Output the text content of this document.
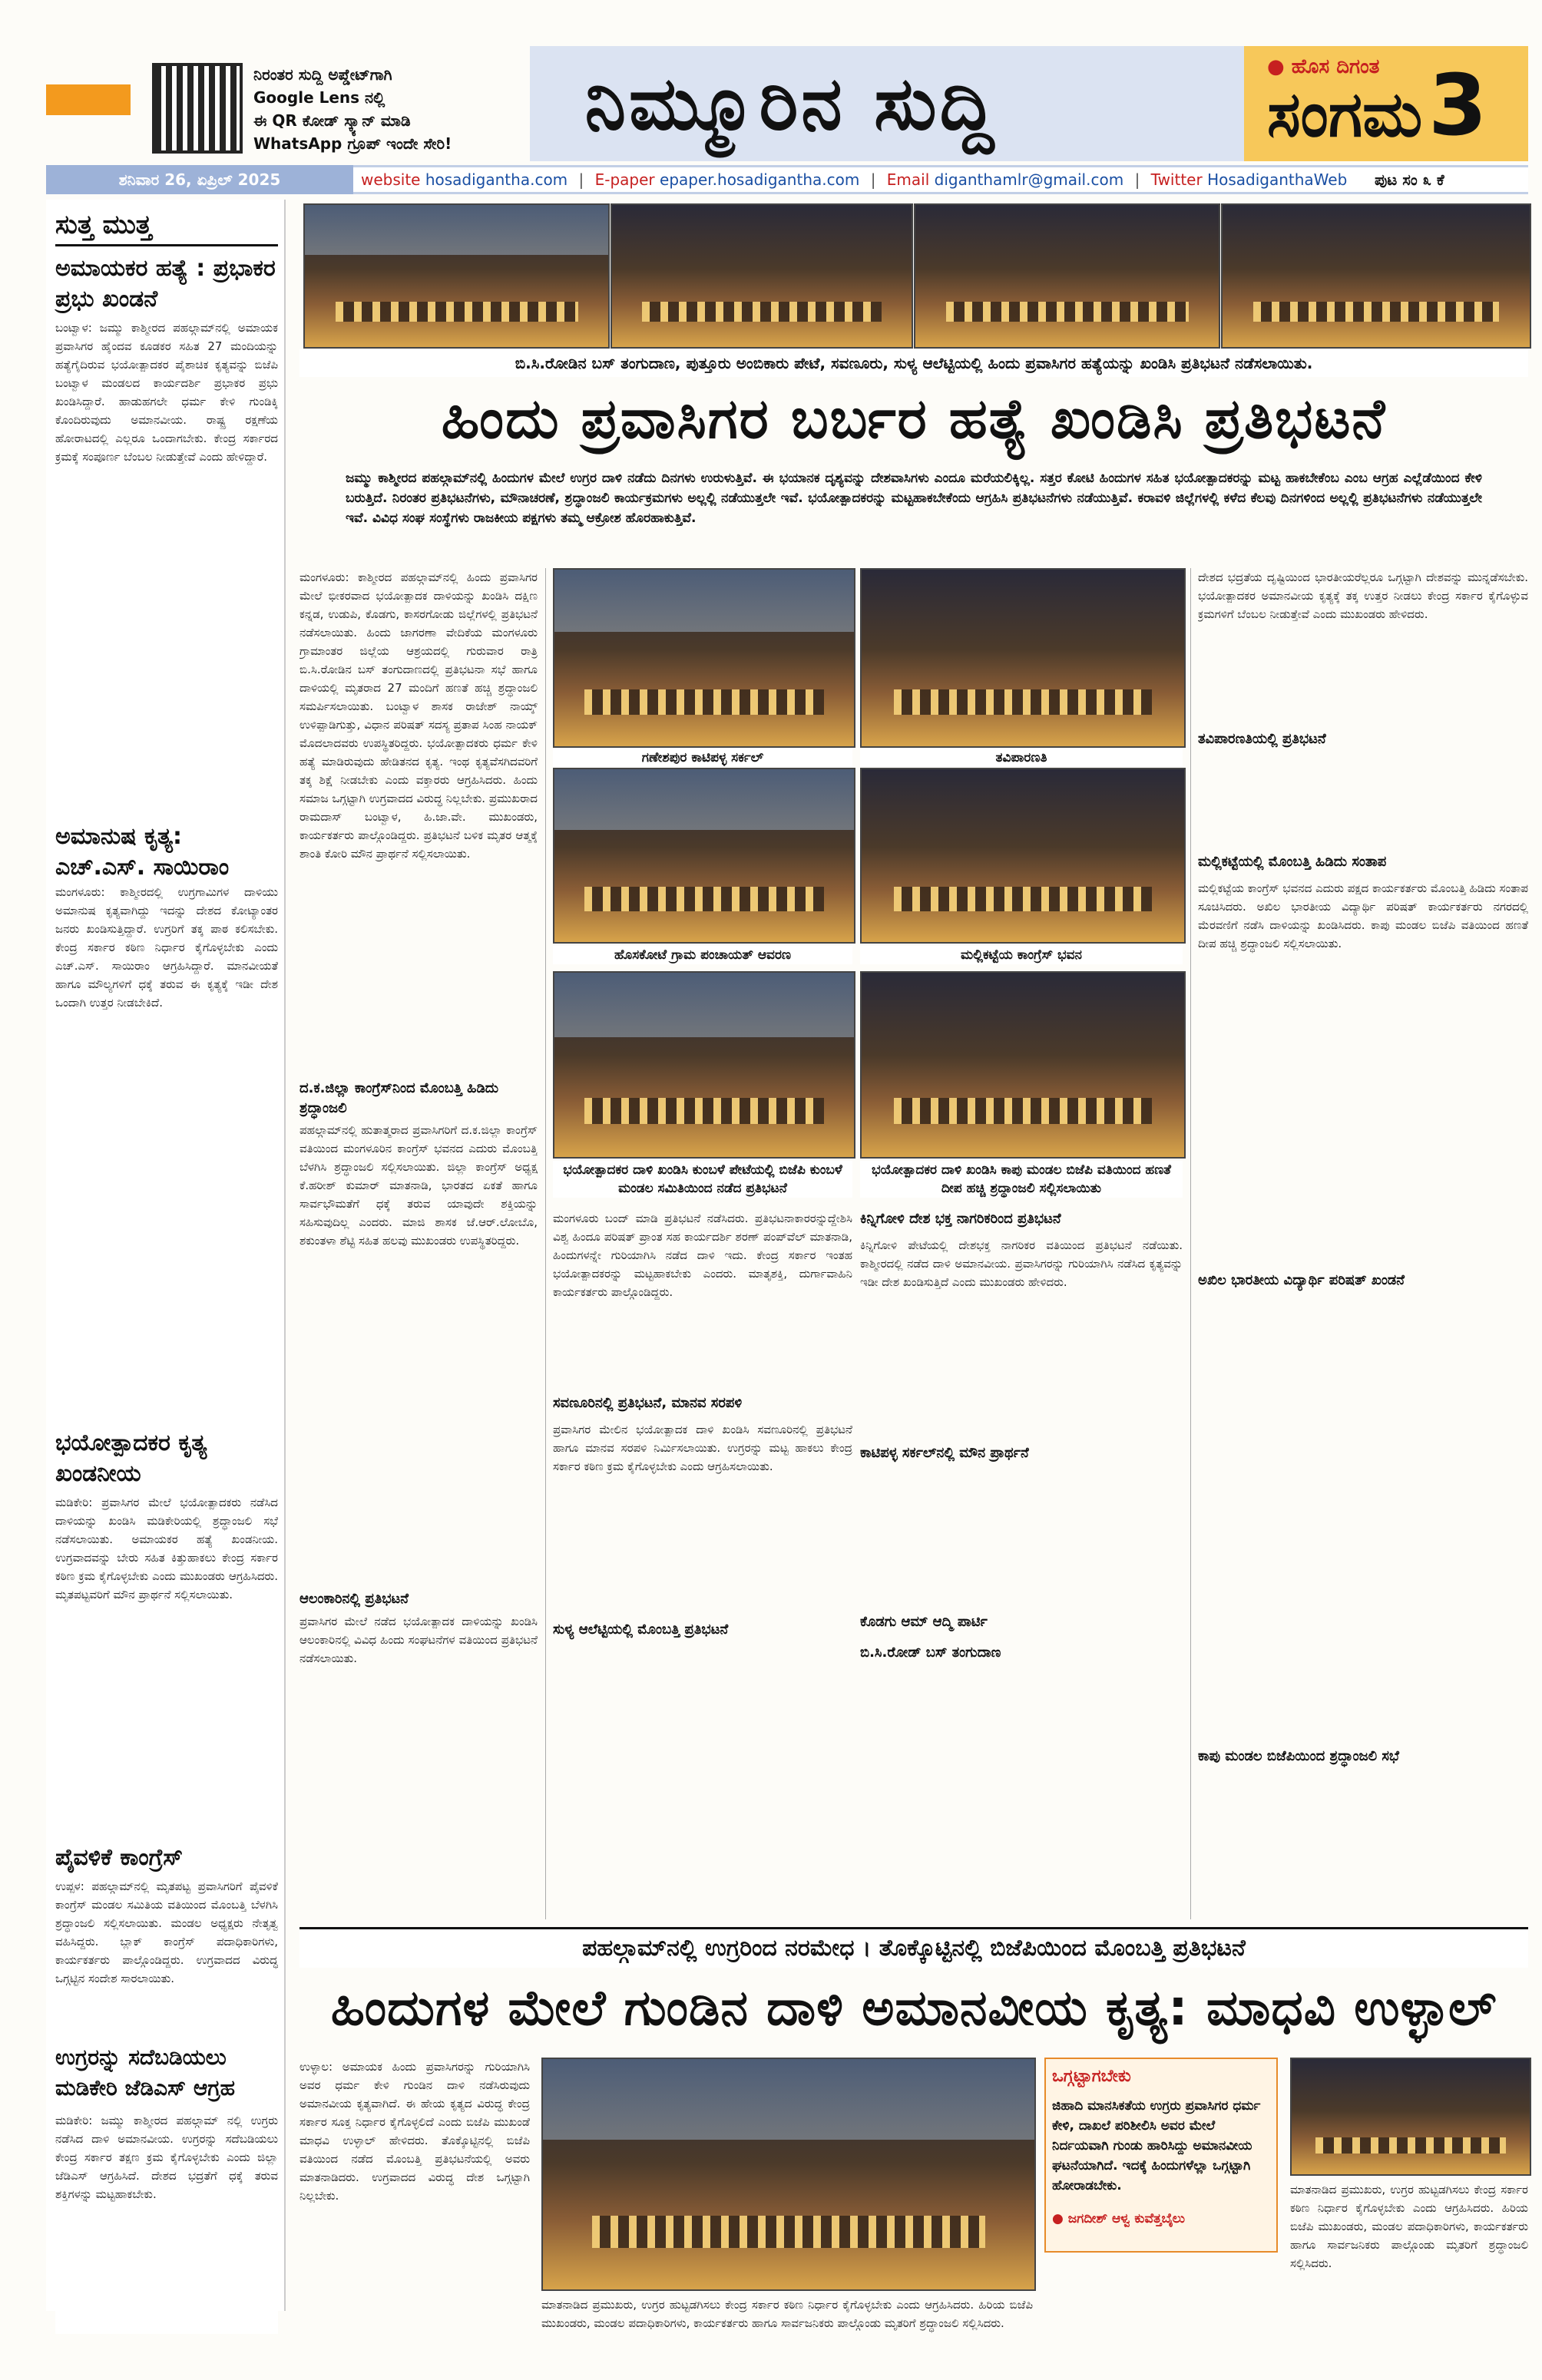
ನಿರಂತರ ಸುದ್ದಿ ಅಪ್ಡೇಟ್‌ಗಾಗಿ
Google Lens ನಲ್ಲಿ
ಈ QR ಕೋಡ್ ಸ್ಕ್ಯಾನ್ ಮಾಡಿ
WhatsApp ಗ್ರೂಪ್ ಇಂದೇ ಸೇರಿ!	ನಿಮ್ಮೂರಿನ ಸುದ್ದಿ	● ಹೊಸ ದಿಗಂತ
ಸಂಗಮ 3
ಶನಿವಾರ 26, ಏಪ್ರಿಲ್ 2025	website hosadigantha.com | E-paper epaper.hosadigantha.com | Email diganthamlr@gmail.com | Twitter HosadiganthaWeb	ಪುಟ ಸಂ ೩ ಕೆ
ಸುತ್ತ ಮುತ್ತ
ಅಮಾಯಕರ ಹತ್ಯೆ : ಪ್ರಭಾಕರ ಪ್ರಭು ಖಂಡನೆ
ಬಂಟ್ವಾಳ: ಜಮ್ಮು ಕಾಶ್ಮೀರದ ಪಹಲ್ಗಾಮ್‌ನಲ್ಲಿ ಅಮಾಯಕ ಪ್ರವಾಸಿಗರ ಹೈಂದವ ಕೂಡಕರ ಸಹಿತ 27 ಮಂದಿಯನ್ನು ಹತ್ಯೆಗೈದಿರುವ ಭಯೋತ್ಪಾದಕರ ಪೈಶಾಚಿಕ ಕೃತ್ಯವನ್ನು ಬಿಜೆಪಿ ಬಂಟ್ವಾಳ ಮಂಡಲದ ಕಾರ್ಯದರ್ಶಿ ಪ್ರಭಾಕರ ಪ್ರಭು ಖಂಡಿಸಿದ್ದಾರೆ. ಹಾಡುಹಗಲೇ ಧರ್ಮ ಕೇಳಿ ಗುಂಡಿಕ್ಕಿ ಕೊಂದಿರುವುದು ಅಮಾನವೀಯ. ರಾಷ್ಟ್ರ ರಕ್ಷಣೆಯ ಹೋರಾಟದಲ್ಲಿ ಎಲ್ಲರೂ ಒಂದಾಗಬೇಕು. ಕೇಂದ್ರ ಸರ್ಕಾರದ ಕ್ರಮಕ್ಕೆ ಸಂಪೂರ್ಣ ಬೆಂಬಲ ನೀಡುತ್ತೇವೆ ಎಂದು ಹೇಳಿದ್ದಾರೆ.
ಅಮಾನುಷ ಕೃತ್ಯ: ಎಚ್.ಎಸ್. ಸಾಯಿರಾಂ
ಮಂಗಳೂರು: ಕಾಶ್ಮೀರದಲ್ಲಿ ಉಗ್ರಗಾಮಿಗಳ ದಾಳಿಯು ಅಮಾನುಷ ಕೃತ್ಯವಾಗಿದ್ದು ಇದನ್ನು ದೇಶದ ಕೋಟ್ಯಾಂತರ ಜನರು ಖಂಡಿಸುತ್ತಿದ್ದಾರೆ. ಉಗ್ರರಿಗೆ ತಕ್ಕ ಪಾಠ ಕಲಿಸಬೇಕು. ಕೇಂದ್ರ ಸರ್ಕಾರ ಕಠಿಣ ನಿರ್ಧಾರ ಕೈಗೊಳ್ಳಬೇಕು ಎಂದು ಎಚ್.ಎಸ್. ಸಾಯಿರಾಂ ಆಗ್ರಹಿಸಿದ್ದಾರೆ. ಮಾನವೀಯತೆ ಹಾಗೂ ಮೌಲ್ಯಗಳಿಗೆ ಧಕ್ಕೆ ತರುವ ಈ ಕೃತ್ಯಕ್ಕೆ ಇಡೀ ದೇಶ ಒಂದಾಗಿ ಉತ್ತರ ನೀಡಬೇಕಿದೆ.
ಭಯೋತ್ಪಾದಕರ ಕೃತ್ಯ ಖಂಡನೀಯ
ಮಡಿಕೇರಿ: ಪ್ರವಾಸಿಗರ ಮೇಲೆ ಭಯೋತ್ಪಾದಕರು ನಡೆಸಿದ ದಾಳಿಯನ್ನು ಖಂಡಿಸಿ ಮಡಿಕೇರಿಯಲ್ಲಿ ಶ್ರದ್ಧಾಂಜಲಿ ಸಭೆ ನಡೆಸಲಾಯಿತು. ಅಮಾಯಕರ ಹತ್ಯೆ ಖಂಡನೀಯ. ಉಗ್ರವಾದವನ್ನು ಬೇರು ಸಹಿತ ಕಿತ್ತುಹಾಕಲು ಕೇಂದ್ರ ಸರ್ಕಾರ ಕಠಿಣ ಕ್ರಮ ಕೈಗೊಳ್ಳಬೇಕು ಎಂದು ಮುಖಂಡರು ಆಗ್ರಹಿಸಿದರು. ಮೃತಪಟ್ಟವರಿಗೆ ಮೌನ ಪ್ರಾರ್ಥನೆ ಸಲ್ಲಿಸಲಾಯಿತು.
ಪೈವಳಿಕೆ ಕಾಂಗ್ರೆಸ್
ಉಪ್ಪಳ: ಪಹಲ್ಗಾಮ್‌ನಲ್ಲಿ ಮೃತಪಟ್ಟ ಪ್ರವಾಸಿಗರಿಗೆ ಪೈವಳಿಕೆ ಕಾಂಗ್ರೆಸ್ ಮಂಡಲ ಸಮಿತಿಯ ವತಿಯಿಂದ ಮೊಂಬತ್ತಿ ಬೆಳಗಿಸಿ ಶ್ರದ್ಧಾಂಜಲಿ ಸಲ್ಲಿಸಲಾಯಿತು. ಮಂಡಲ ಅಧ್ಯಕ್ಷರು ನೇತೃತ್ವ ವಹಿಸಿದ್ದರು. ಬ್ಲಾಕ್ ಕಾಂಗ್ರೆಸ್ ಪದಾಧಿಕಾರಿಗಳು, ಕಾರ್ಯಕರ್ತರು ಪಾಲ್ಗೊಂಡಿದ್ದರು. ಉಗ್ರವಾದದ ವಿರುದ್ಧ ಒಗ್ಗಟ್ಟಿನ ಸಂದೇಶ ಸಾರಲಾಯಿತು.
ಉಗ್ರರನ್ನು ಸದೆಬಡಿಯಲು ಮಡಿಕೇರಿ ಜೆಡಿಎಸ್ ಆಗ್ರಹ
ಮಡಿಕೇರಿ: ಜಮ್ಮು ಕಾಶ್ಮೀರದ ಪಹಲ್ಗಾಮ್ ನಲ್ಲಿ ಉಗ್ರರು ನಡೆಸಿದ ದಾಳಿ ಅಮಾನವೀಯ. ಉಗ್ರರನ್ನು ಸದೆಬಡಿಯಲು ಕೇಂದ್ರ ಸರ್ಕಾರ ತಕ್ಷಣ ಕ್ರಮ ಕೈಗೊಳ್ಳಬೇಕು ಎಂದು ಜಿಲ್ಲಾ ಜೆಡಿಎಸ್ ಆಗ್ರಹಿಸಿದೆ. ದೇಶದ ಭದ್ರತೆಗೆ ಧಕ್ಕೆ ತರುವ ಶಕ್ತಿಗಳನ್ನು ಮಟ್ಟಹಾಕಬೇಕು.
ಬಿ.ಸಿ.ರೋಡಿನ ಬಸ್ ತಂಗುದಾಣ, ಪುತ್ತೂರು ಅಂಬಿಕಾರು ಪೇಟೆ, ಸವಣೂರು, ಸುಳ್ಯ ಆಲೆಟ್ಟಿಯಲ್ಲಿ ಹಿಂದು ಪ್ರವಾಸಿಗರ ಹತ್ಯೆಯನ್ನು ಖಂಡಿಸಿ ಪ್ರತಿಭಟನೆ ನಡೆಸಲಾಯಿತು.
ಹಿಂದು ಪ್ರವಾಸಿಗರ ಬರ್ಬರ ಹತ್ಯೆ ಖಂಡಿಸಿ ಪ್ರತಿಭಟನೆ
ಜಮ್ಮು ಕಾಶ್ಮೀರದ ಪಹಲ್ಗಾಮ್‌ನಲ್ಲಿ ಹಿಂದುಗಳ ಮೇಲೆ ಉಗ್ರರ ದಾಳಿ ನಡೆದು ದಿನಗಳು ಉರುಳುತ್ತಿವೆ. ಈ ಭಯಾನಕ ದೃಶ್ಯವನ್ನು ದೇಶವಾಸಿಗಳು ಎಂದೂ ಮರೆಯಲಿಕ್ಕಿಲ್ಲ. ಸತ್ತರ ಕೋಟಿ ಹಿಂದುಗಳ ಸಹಿತ ಭಯೋತ್ಪಾದಕರನ್ನು ಮಟ್ಟ ಹಾಕಬೇಕೆಂಬ ಎಂಬ ಆಗ್ರಹ ಎಲ್ಲೆಡೆಯಿಂದ ಕೇಳಿ ಬರುತ್ತಿದೆ. ನಿರಂತರ ಪ್ರತಿಭಟನೆಗಳು, ಮೌನಾಚರಣೆ, ಶ್ರದ್ಧಾಂಜಲಿ ಕಾರ್ಯಕ್ರಮಗಳು ಅಲ್ಲಲ್ಲಿ ನಡೆಯುತ್ತಲೇ ಇವೆ. ಭಯೋತ್ಪಾದಕರನ್ನು ಮಟ್ಟಹಾಕಬೇಕೆಂದು ಆಗ್ರಹಿಸಿ ಪ್ರತಿಭಟನೆಗಳು ನಡೆಯುತ್ತಿವೆ. ಕರಾವಳಿ ಜಿಲ್ಲೆಗಳಲ್ಲಿ ಕಳೆದ ಕೆಲವು ದಿನಗಳಿಂದ ಅಲ್ಲಲ್ಲಿ ಪ್ರತಿಭಟನೆಗಳು ನಡೆಯುತ್ತಲೇ ಇವೆ. ವಿವಿಧ ಸಂಘ ಸಂಸ್ಥೆಗಳು ರಾಜಕೀಯ ಪಕ್ಷಗಳು ತಮ್ಮ ಆಕ್ರೋಶ ಹೊರಹಾಕುತ್ತಿವೆ.
ಮಂಗಳೂರು: ಕಾಶ್ಮೀರದ ಪಹಲ್ಗಾಮ್‌ನಲ್ಲಿ ಹಿಂದು ಪ್ರವಾಸಿಗರ ಮೇಲೆ ಭೀಕರವಾದ ಭಯೋತ್ಪಾದಕ ದಾಳಿಯನ್ನು ಖಂಡಿಸಿ ದಕ್ಷಿಣ ಕನ್ನಡ, ಉಡುಪಿ, ಕೊಡಗು, ಕಾಸರಗೋಡು ಜಿಲ್ಲೆಗಳಲ್ಲಿ ಪ್ರತಿಭಟನೆ ನಡೆಸಲಾಯಿತು. ಹಿಂದು ಜಾಗರಣಾ ವೇದಿಕೆಯ ಮಂಗಳೂರು ಗ್ರಾಮಾಂತರ ಜಿಲ್ಲೆಯ ಆಶ್ರಯದಲ್ಲಿ ಗುರುವಾರ ರಾತ್ರಿ ಬಿ.ಸಿ.ರೋಡಿನ ಬಸ್ ತಂಗುದಾಣದಲ್ಲಿ ಪ್ರತಿಭಟನಾ ಸಭೆ ಹಾಗೂ ದಾಳಿಯಲ್ಲಿ ಮೃತರಾದ 27 ಮಂದಿಗೆ ಹಣತೆ ಹಚ್ಚಿ ಶ್ರದ್ಧಾಂಜಲಿ ಸಮರ್ಪಿಸಲಾಯಿತು. ಬಂಟ್ವಾಳ ಶಾಸಕ ರಾಜೇಶ್ ನಾಯ್ಕ್ ಉಳಿಪ್ಪಾಡಿಗುತ್ತು, ವಿಧಾನ ಪರಿಷತ್ ಸದಸ್ಯ ಪ್ರತಾಪ ಸಿಂಹ ನಾಯಕ್ ಮೊದಲಾದವರು ಉಪಸ್ಥಿತರಿದ್ದರು. ಭಯೋತ್ಪಾದಕರು ಧರ್ಮ ಕೇಳಿ ಹತ್ಯೆ ಮಾಡಿರುವುದು ಹೇಡಿತನದ ಕೃತ್ಯ. ಇಂಥ ಕೃತ್ಯವೆಸಗಿದವರಿಗೆ ತಕ್ಕ ಶಿಕ್ಷೆ ನೀಡಬೇಕು ಎಂದು ವಕ್ತಾರರು ಆಗ್ರಹಿಸಿದರು. ಹಿಂದು ಸಮಾಜ ಒಗ್ಗಟ್ಟಾಗಿ ಉಗ್ರವಾದದ ವಿರುದ್ಧ ನಿಲ್ಲಬೇಕು. ಪ್ರಮುಖರಾದ ರಾಮದಾಸ್ ಬಂಟ್ವಾಳ, ಹಿ.ಜಾ.ವೇ. ಮುಖಂಡರು, ಕಾರ್ಯಕರ್ತರು ಪಾಲ್ಗೊಂಡಿದ್ದರು. ಪ್ರತಿಭಟನೆ ಬಳಿಕ ಮೃತರ ಆತ್ಮಕ್ಕೆ ಶಾಂತಿ ಕೋರಿ ಮೌನ ಪ್ರಾರ್ಥನೆ ಸಲ್ಲಿಸಲಾಯಿತು.
ದ.ಕ.ಜಿಲ್ಲಾ ಕಾಂಗ್ರೆಸ್‌ನಿಂದ ಮೊಂಬತ್ತಿ ಹಿಡಿದು ಶ್ರದ್ಧಾಂಜಲಿ
ಪಹಲ್ಗಾಮ್‌ನಲ್ಲಿ ಹುತಾತ್ಮರಾದ ಪ್ರವಾಸಿಗರಿಗೆ ದ.ಕ.ಜಿಲ್ಲಾ ಕಾಂಗ್ರೆಸ್ ವತಿಯಿಂದ ಮಂಗಳೂರಿನ ಕಾಂಗ್ರೆಸ್ ಭವನದ ಎದುರು ಮೊಂಬತ್ತಿ ಬೆಳಗಿಸಿ ಶ್ರದ್ಧಾಂಜಲಿ ಸಲ್ಲಿಸಲಾಯಿತು. ಜಿಲ್ಲಾ ಕಾಂಗ್ರೆಸ್ ಅಧ್ಯಕ್ಷ ಕೆ.ಹರೀಶ್ ಕುಮಾರ್ ಮಾತನಾಡಿ, ಭಾರತದ ಏಕತೆ ಹಾಗೂ ಸಾರ್ವಭೌಮತೆಗೆ ಧಕ್ಕೆ ತರುವ ಯಾವುದೇ ಶಕ್ತಿಯನ್ನು ಸಹಿಸುವುದಿಲ್ಲ ಎಂದರು. ಮಾಜಿ ಶಾಸಕ ಜೆ.ಆರ್.ಲೋಬೊ, ಶಕುಂತಳಾ ಶೆಟ್ಟಿ ಸಹಿತ ಹಲವು ಮುಖಂಡರು ಉಪಸ್ಥಿತರಿದ್ದರು.
ಆಲಂಕಾರಿನಲ್ಲಿ ಪ್ರತಿಭಟನೆ
ಪ್ರವಾಸಿಗರ ಮೇಲೆ ನಡೆದ ಭಯೋತ್ಪಾದಕ ದಾಳಿಯನ್ನು ಖಂಡಿಸಿ ಆಲಂಕಾರಿನಲ್ಲಿ ವಿವಿಧ ಹಿಂದು ಸಂಘಟನೆಗಳ ವತಿಯಿಂದ ಪ್ರತಿಭಟನೆ ನಡೆಸಲಾಯಿತು.
ಗಣೇಶಪುರ ಕಾಟಿಪಳ್ಳ ಸರ್ಕಲ್	ತವಿಪಾರಣತಿ
ಹೊಸಕೋಟೆ ಗ್ರಾಮ ಪಂಚಾಯತ್ ಆವರಣ	ಮಲ್ಲಿಕಟ್ಟೆಯ ಕಾಂಗ್ರೆಸ್ ಭವನ
ಭಯೋತ್ಪಾದಕರ ದಾಳಿ ಖಂಡಿಸಿ ಕುಂಬಳೆ ಪೇಟೆಯಲ್ಲಿ ಬಿಜೆಪಿ ಕುಂಬಳೆ ಮಂಡಲ ಸಮಿತಿಯಿಂದ ನಡೆದ ಪ್ರತಿಭಟನೆ
ಭಯೋತ್ಪಾದಕರ ದಾಳಿ ಖಂಡಿಸಿ ಕಾಪು ಮಂಡಲ ಬಿಜೆಪಿ ವತಿಯಿಂದ ಹಣತೆ ದೀಪ ಹಚ್ಚಿ ಶ್ರದ್ಧಾಂಜಲಿ ಸಲ್ಲಿಸಲಾಯಿತು
ಮಂಗಳೂರು ಬಂದ್ ಮಾಡಿ ಪ್ರತಿಭಟನೆ ನಡೆಸಿದರು. ಪ್ರತಿಭಟನಾಕಾರರನ್ನುದ್ದೇಶಿಸಿ ವಿಶ್ವ ಹಿಂದೂ ಪರಿಷತ್ ಪ್ರಾಂತ ಸಹ ಕಾರ್ಯದರ್ಶಿ ಶರಣ್ ಪಂಪ್‌ವೆಲ್ ಮಾತನಾಡಿ, ಹಿಂದುಗಳನ್ನೇ ಗುರಿಯಾಗಿಸಿ ನಡೆದ ದಾಳಿ ಇದು. ಕೇಂದ್ರ ಸರ್ಕಾರ ಇಂತಹ ಭಯೋತ್ಪಾದಕರನ್ನು ಮಟ್ಟಹಾಕಬೇಕು ಎಂದರು. ಮಾತೃಶಕ್ತಿ, ದುರ್ಗಾವಾಹಿನಿ ಕಾರ್ಯಕರ್ತರು ಪಾಲ್ಗೊಂಡಿದ್ದರು.
ಸವಣೂರಿನಲ್ಲಿ ಪ್ರತಿಭಟನೆ, ಮಾನವ ಸರಪಳಿ
ಪ್ರವಾಸಿಗರ ಮೇಲಿನ ಭಯೋತ್ಪಾದಕ ದಾಳಿ ಖಂಡಿಸಿ ಸವಣೂರಿನಲ್ಲಿ ಪ್ರತಿಭಟನೆ ಹಾಗೂ ಮಾನವ ಸರಪಳಿ ನಿರ್ಮಿಸಲಾಯಿತು. ಉಗ್ರರನ್ನು ಮಟ್ಟ ಹಾಕಲು ಕೇಂದ್ರ ಸರ್ಕಾರ ಕಠಿಣ ಕ್ರಮ ಕೈಗೊಳ್ಳಬೇಕು ಎಂದು ಆಗ್ರಹಿಸಲಾಯಿತು.
ಸುಳ್ಯ ಆಲೆಟ್ಟಿಯಲ್ಲಿ ಮೊಂಬತ್ತಿ ಪ್ರತಿಭಟನೆ
ಕಿನ್ನಿಗೋಳಿ ದೇಶ ಭಕ್ತ ನಾಗರಿಕರಿಂದ ಪ್ರತಿಭಟನೆ
ಕಿನ್ನಿಗೋಳಿ ಪೇಟೆಯಲ್ಲಿ ದೇಶಭಕ್ತ ನಾಗರಿಕರ ವತಿಯಿಂದ ಪ್ರತಿಭಟನೆ ನಡೆಯಿತು. ಕಾಶ್ಮೀರದಲ್ಲಿ ನಡೆದ ದಾಳಿ ಅಮಾನವೀಯ. ಪ್ರವಾಸಿಗರನ್ನು ಗುರಿಯಾಗಿಸಿ ನಡೆಸಿದ ಕೃತ್ಯವನ್ನು ಇಡೀ ದೇಶ ಖಂಡಿಸುತ್ತಿದೆ ಎಂದು ಮುಖಂಡರು ಹೇಳಿದರು.
ಕಾಟಿಪಳ್ಳ ಸರ್ಕಲ್‌ನಲ್ಲಿ ಮೌನ ಪ್ರಾರ್ಥನೆ
ಕೊಡಗು ಆಮ್ ಆದ್ಮಿ ಪಾರ್ಟಿ
ಬಿ.ಸಿ.ರೋಡ್ ಬಸ್ ತಂಗುದಾಣ
ದೇಶದ ಭದ್ರತೆಯ ದೃಷ್ಟಿಯಿಂದ ಭಾರತೀಯರೆಲ್ಲರೂ ಒಗ್ಗಟ್ಟಾಗಿ ದೇಶವನ್ನು ಮುನ್ನಡೆಸಬೇಕು. ಭಯೋತ್ಪಾದಕರ ಅಮಾನವೀಯ ಕೃತ್ಯಕ್ಕೆ ತಕ್ಕ ಉತ್ತರ ನೀಡಲು ಕೇಂದ್ರ ಸರ್ಕಾರ ಕೈಗೊಳ್ಳುವ ಕ್ರಮಗಳಿಗೆ ಬೆಂಬಲ ನೀಡುತ್ತೇವೆ ಎಂದು ಮುಖಂಡರು ಹೇಳಿದರು.
ತವಿಪಾರಣತಿಯಲ್ಲಿ ಪ್ರತಿಭಟನೆ
ಮಲ್ಲಿಕಟ್ಟೆಯಲ್ಲಿ ಮೊಂಬತ್ತಿ ಹಿಡಿದು ಸಂತಾಪ
ಮಲ್ಲಿಕಟ್ಟೆಯ ಕಾಂಗ್ರೆಸ್ ಭವನದ ಎದುರು ಪಕ್ಷದ ಕಾರ್ಯಕರ್ತರು ಮೊಂಬತ್ತಿ ಹಿಡಿದು ಸಂತಾಪ ಸೂಚಿಸಿದರು. ಅಖಿಲ ಭಾರತೀಯ ವಿದ್ಯಾರ್ಥಿ ಪರಿಷತ್ ಕಾರ್ಯಕರ್ತರು ನಗರದಲ್ಲಿ ಮೆರವಣಿಗೆ ನಡೆಸಿ ದಾಳಿಯನ್ನು ಖಂಡಿಸಿದರು. ಕಾಪು ಮಂಡಲ ಬಿಜೆಪಿ ವತಿಯಿಂದ ಹಣತೆ ದೀಪ ಹಚ್ಚಿ ಶ್ರದ್ಧಾಂಜಲಿ ಸಲ್ಲಿಸಲಾಯಿತು.
ಅಖಿಲ ಭಾರತೀಯ ವಿದ್ಯಾರ್ಥಿ ಪರಿಷತ್ ಖಂಡನೆ
ಕಾಪು ಮಂಡಲ ಬಿಜೆಪಿಯಿಂದ ಶ್ರದ್ಧಾಂಜಲಿ ಸಭೆ
ಪಹಲ್ಗಾಮ್‌ನಲ್ಲಿ ಉಗ್ರರಿಂದ ನರಮೇಧ । ತೊಕ್ಕೊಟ್ಟಿನಲ್ಲಿ ಬಿಜೆಪಿಯಿಂದ ಮೊಂಬತ್ತಿ ಪ್ರತಿಭಟನೆ
ಹಿಂದುಗಳ ಮೇಲೆ ಗುಂಡಿನ ದಾಳಿ ಅಮಾನವೀಯ ಕೃತ್ಯ: ಮಾಧವಿ ಉಳ್ಳಾಲ್
ಉಳ್ಳಾಲ: ಅಮಾಯಕ ಹಿಂದು ಪ್ರವಾಸಿಗರನ್ನು ಗುರಿಯಾಗಿಸಿ ಅವರ ಧರ್ಮ ಕೇಳಿ ಗುಂಡಿನ ದಾಳಿ ನಡೆಸಿರುವುದು ಅಮಾನವೀಯ ಕೃತ್ಯವಾಗಿದೆ. ಈ ಹೇಯ ಕೃತ್ಯದ ವಿರುದ್ಧ ಕೇಂದ್ರ ಸರ್ಕಾರ ಸೂಕ್ತ ನಿರ್ಧಾರ ಕೈಗೊಳ್ಳಲಿದೆ ಎಂದು ಬಿಜೆಪಿ ಮುಖಂಡೆ ಮಾಧವಿ ಉಳ್ಳಾಲ್ ಹೇಳಿದರು. ತೊಕ್ಕೊಟ್ಟಿನಲ್ಲಿ ಬಿಜೆಪಿ ವತಿಯಿಂದ ನಡೆದ ಮೊಂಬತ್ತಿ ಪ್ರತಿಭಟನೆಯಲ್ಲಿ ಅವರು ಮಾತನಾಡಿದರು. ಉಗ್ರವಾದದ ವಿರುದ್ಧ ದೇಶ ಒಗ್ಗಟ್ಟಾಗಿ ನಿಲ್ಲಬೇಕು.
ಮಾತನಾಡಿದ ಪ್ರಮುಖರು, ಉಗ್ರರ ಹುಟ್ಟಡಗಿಸಲು ಕೇಂದ್ರ ಸರ್ಕಾರ ಕಠಿಣ ನಿರ್ಧಾರ ಕೈಗೊಳ್ಳಬೇಕು ಎಂದು ಆಗ್ರಹಿಸಿದರು. ಹಿರಿಯ ಬಿಜೆಪಿ ಮುಖಂಡರು, ಮಂಡಲ ಪದಾಧಿಕಾರಿಗಳು, ಕಾರ್ಯಕರ್ತರು ಹಾಗೂ ಸಾರ್ವಜನಿಕರು ಪಾಲ್ಗೊಂಡು ಮೃತರಿಗೆ ಶ್ರದ್ಧಾಂಜಲಿ ಸಲ್ಲಿಸಿದರು.
ಒಗ್ಗಟ್ಟಾಗಬೇಕು
ಜಿಹಾದಿ ಮಾನಸಿಕತೆಯ ಉಗ್ರರು ಪ್ರವಾಸಿಗರ ಧರ್ಮ ಕೇಳಿ, ದಾಖಲೆ ಪರಿಶೀಲಿಸಿ ಅವರ ಮೇಲೆ ನಿರ್ದಯವಾಗಿ ಗುಂಡು ಹಾರಿಸಿದ್ದು ಅಮಾನವೀಯ ಘಟನೆಯಾಗಿದೆ. ಇದಕ್ಕೆ ಹಿಂದುಗಳೆಲ್ಲಾ ಒಗ್ಗಟ್ಟಾಗಿ ಹೋರಾಡಬೇಕು.
● ಜಗದೀಶ್ ಆಳ್ವ ಕುವೆತ್ತಬೈಲು
ಮಾತನಾಡಿದ ಪ್ರಮುಖರು, ಉಗ್ರರ ಹುಟ್ಟಡಗಿಸಲು ಕೇಂದ್ರ ಸರ್ಕಾರ ಕಠಿಣ ನಿರ್ಧಾರ ಕೈಗೊಳ್ಳಬೇಕು ಎಂದು ಆಗ್ರಹಿಸಿದರು. ಹಿರಿಯ ಬಿಜೆಪಿ ಮುಖಂಡರು, ಮಂಡಲ ಪದಾಧಿಕಾರಿಗಳು, ಕಾರ್ಯಕರ್ತರು ಹಾಗೂ ಸಾರ್ವಜನಿಕರು ಪಾಲ್ಗೊಂಡು ಮೃತರಿಗೆ ಶ್ರದ್ಧಾಂಜಲಿ ಸಲ್ಲಿಸಿದರು.
